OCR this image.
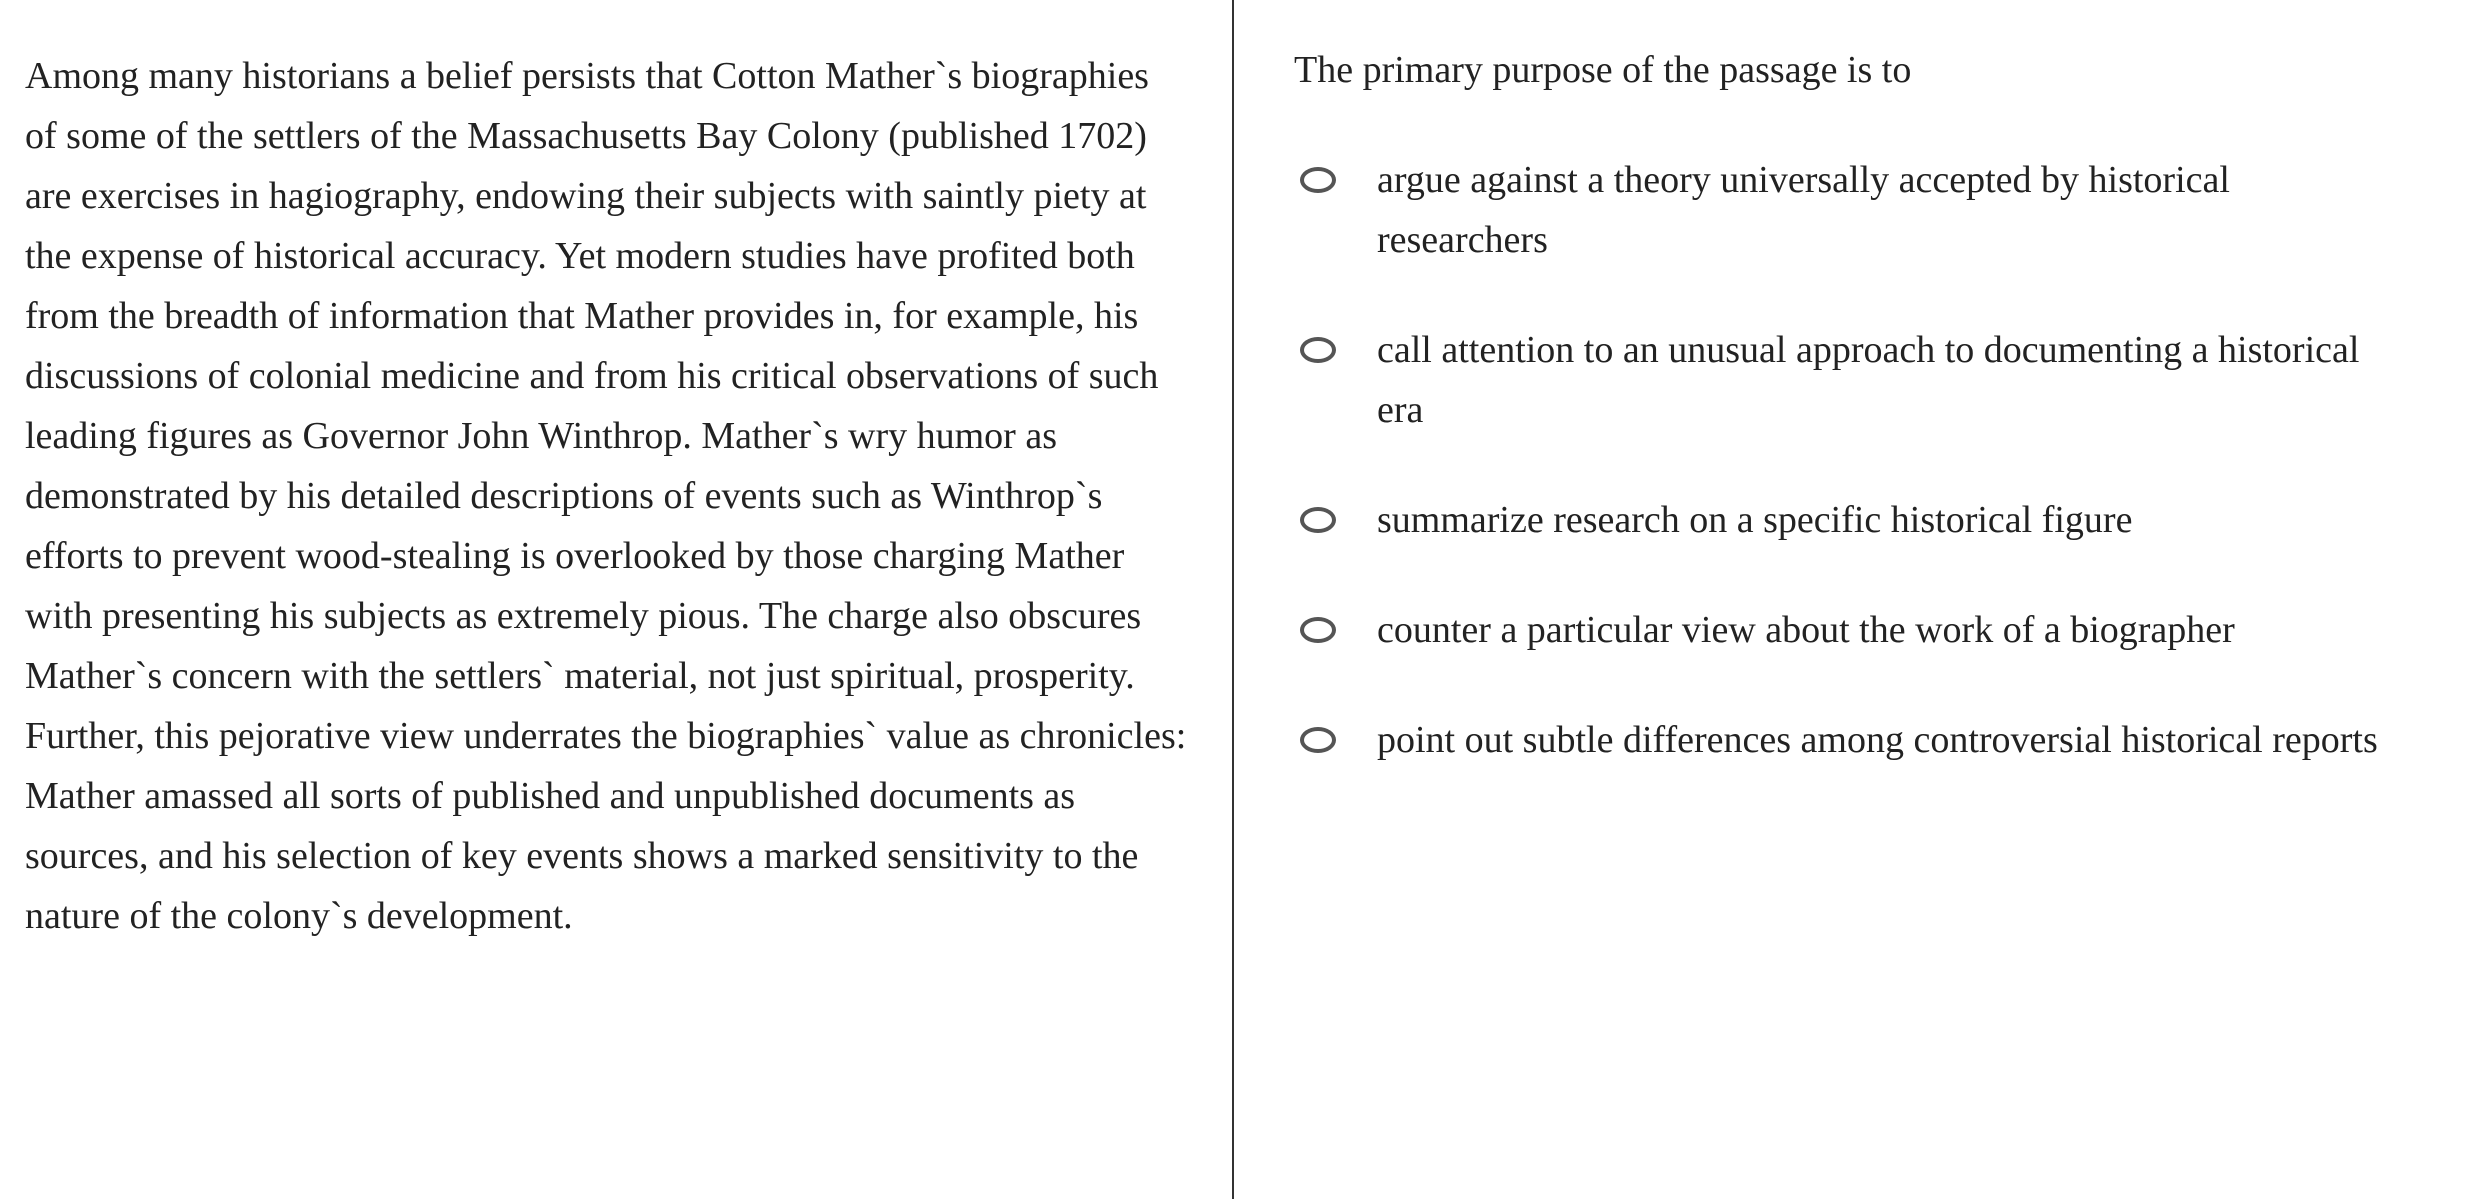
Among many historians a belief persists that Cotton Mather`s biographies of some of the settlers of the Massachusetts Bay Colony (published 1702) are exercises in hagiography, endowing their subjects with saintly piety at the expense of historical accuracy. Yet modern studies have profited both from the breadth of information that Mather provides in, for example, his discussions of colonial medicine and from his critical observations of such leading figures as Governor John Winthrop. Mather`s wry humor as demonstrated by his detailed descriptions of events such as Winthrop`s efforts to prevent wood-stealing is overlooked by those charging Mather with presenting his subjects as extremely pious. The charge also obscures Mather`s concern with the settlers` material, not just spiritual, prosperity. Further, this pejorative view underrates the biographies` value as chronicles: Mather amassed all sorts of published and unpublished documents as sources, and his selection of key events shows a marked sensitivity to the nature of the colony`s development.

The primary purpose of the passage is to

argue against a theory universally accepted by historical researchers
call attention to an unusual approach to documenting a historical era
summarize research on a specific historical figure
counter a particular view about the work of a biographer
point out subtle differences among controversial historical reports
